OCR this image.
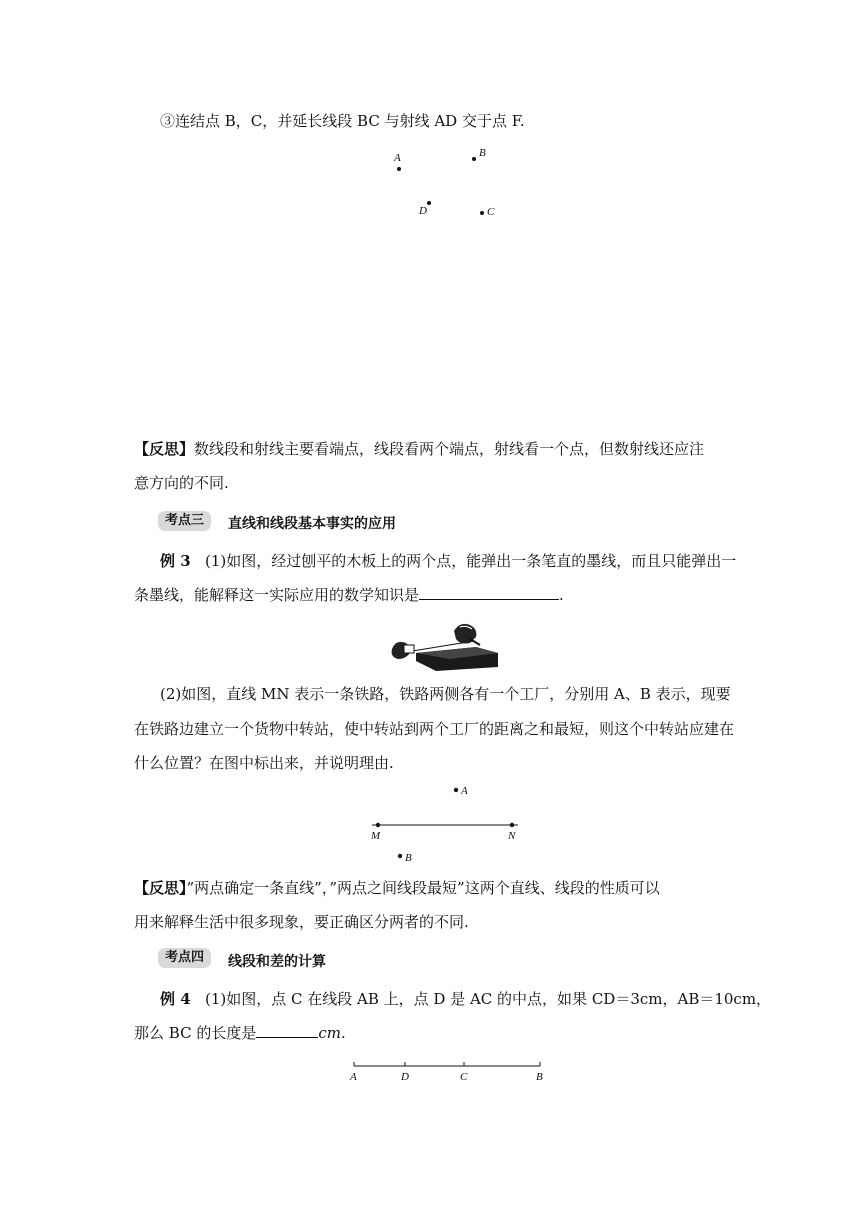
③连结点 B，C，并延长线段 BC 与射线 AD 交于点 F.
A	B
D	C
【反思】数线段和射线主要看端点，线段看两个端点，射线看一个点，但数射线还应注
意方向的不同.
考点三	直线和线段基本事实的应用
例 3 (1)如图，经过刨平的木板上的两个点，能弹出一条笔直的墨线，而且只能弹出一
条墨线，能解释这一实际应用的数学知识是	.
(2)如图，直线 MN 表示一条铁路，铁路两侧各有一个工厂，分别用 A、B 表示，现要
在铁路边建立一个货物中转站，使中转站到两个工厂的距离之和最短，则这个中转站应建在
什么位置？在图中标出来，并说明理由.
A
M	N
B
【反思】”两点确定一条直线”，”两点之间线段最短”这两个直线、线段的性质可以
用来解释生活中很多现象，要正确区分两者的不同.
考点四	线段和差的计算
例 4 (1)如图，点 C 在线段 AB 上，点 D 是 AC 的中点，如果 CD＝3cm，AB＝10cm，
那么 BC 的长度是	cm.
A	D	C	B
